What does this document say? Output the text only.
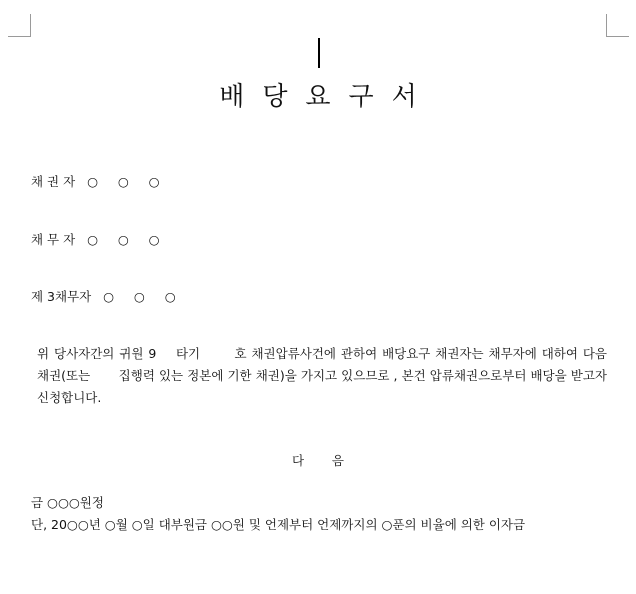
배당요구서
채 권 자   ○     ○     ○
채 무 자   ○     ○     ○
제 3채무자   ○     ○     ○
위 당사자간의 귀원 9    타기       호 채권압류사건에 관하여 배당요구 채권자는 채무자에 대하여 다음 채권(또는       집행력 있는 정본에 기한 채권)을 가지고 있으므로 , 본건 압류채권으로부터 배당을 받고자 신청합니다.
다       음
금 ○○○원정
단, 20○○년 ○월 ○일 대부원금 ○○원 및 언제부터 언제까지의 ○푼의 비율에 의한 이자금
